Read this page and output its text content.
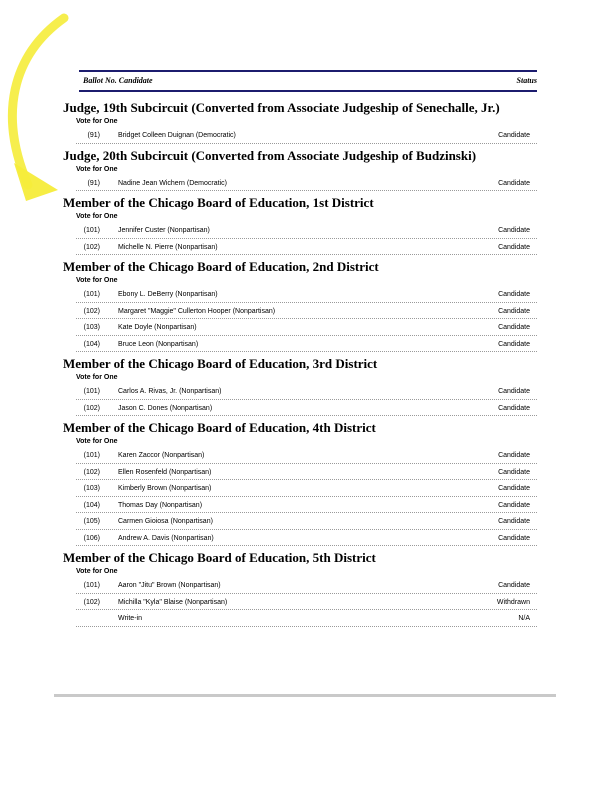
Ballot No. Candidate	Status
Judge, 19th Subcircuit (Converted from Associate Judgeship of Senechalle, Jr.)
Vote for One
(91)	Bridget Colleen Duignan (Democratic)	Candidate
Judge, 20th Subcircuit (Converted from Associate Judgeship of Budzinski)
Vote for One
(91)	Nadine Jean Wichern (Democratic)	Candidate
Member of the Chicago Board of Education, 1st District
Vote for One
(101)	Jennifer Custer (Nonpartisan)	Candidate
(102)	Michelle N. Pierre (Nonpartisan)	Candidate
Member of the Chicago Board of Education, 2nd District
Vote for One
(101)	Ebony L. DeBerry (Nonpartisan)	Candidate
(102)	Margaret "Maggie" Cullerton Hooper (Nonpartisan)	Candidate
(103)	Kate Doyle (Nonpartisan)	Candidate
(104)	Bruce Leon (Nonpartisan)	Candidate
Member of the Chicago Board of Education, 3rd District
Vote for One
(101)	Carlos A. Rivas, Jr. (Nonpartisan)	Candidate
(102)	Jason C. Dones (Nonpartisan)	Candidate
Member of the Chicago Board of Education, 4th District
Vote for One
(101)	Karen Zaccor (Nonpartisan)	Candidate
(102)	Ellen Rosenfeld (Nonpartisan)	Candidate
(103)	Kimberly Brown (Nonpartisan)	Candidate
(104)	Thomas Day (Nonpartisan)	Candidate
(105)	Carmen Gioiosa (Nonpartisan)	Candidate
(106)	Andrew A. Davis (Nonpartisan)	Candidate
Member of the Chicago Board of Education, 5th District
Vote for One
(101)	Aaron "Jitu" Brown (Nonpartisan)	Candidate
(102)	Michilla "Kyla" Blaise (Nonpartisan)	Withdrawn
Write-in	N/A
